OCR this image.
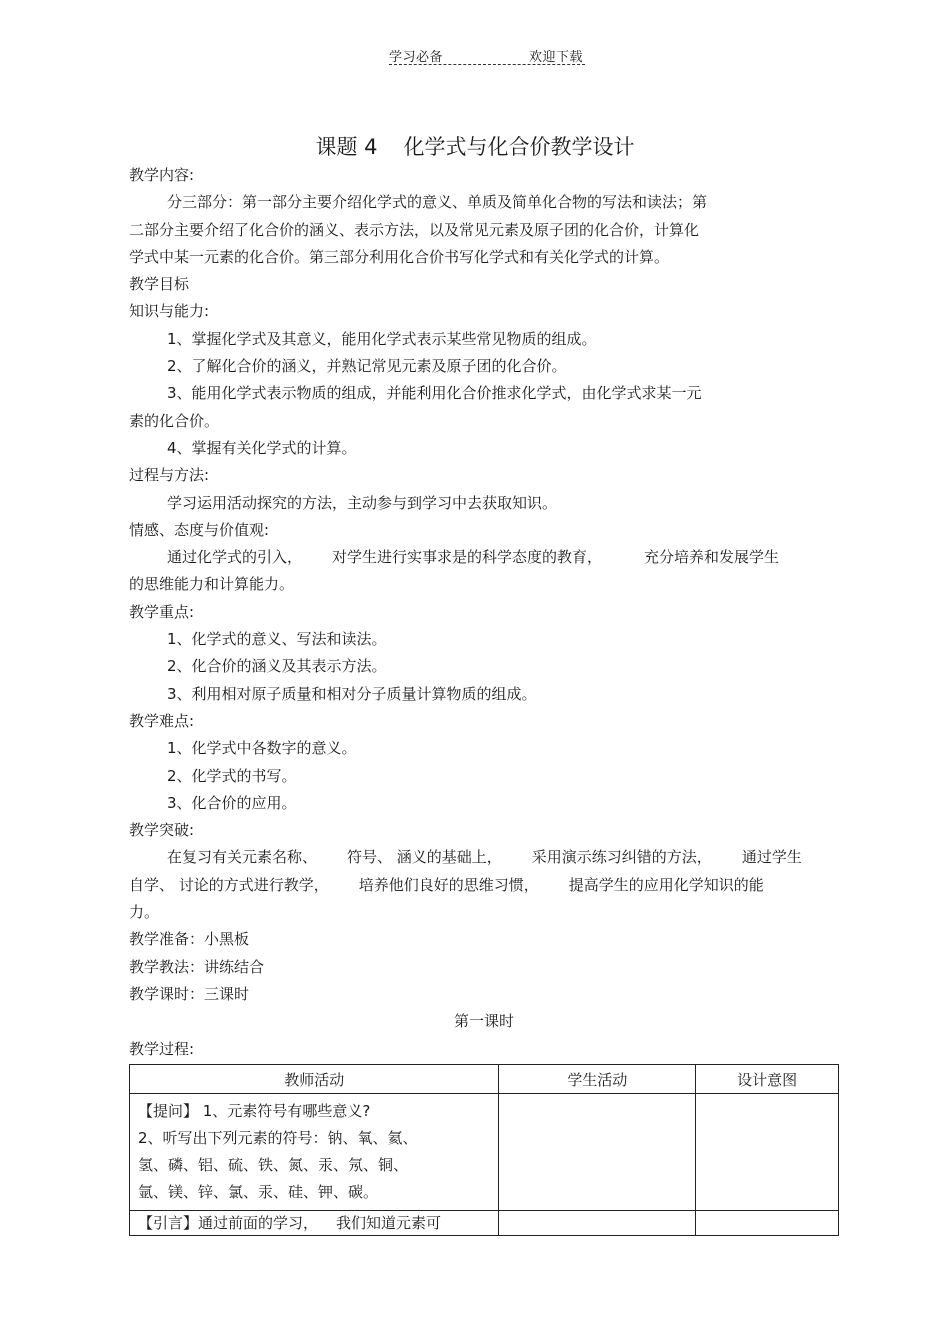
学习必备	欢迎下载
课题 4 化学式与化合价教学设计

教学内容:

分三部分：第一部分主要介绍化学式的意义、单质及简单化合物的写法和读法；第

二部分主要介绍了化合价的涵义、表示方法，以及常见元素及原子团的化合价，计算化

学式中某一元素的化合价。第三部分利用化合价书写化学式和有关化学式的计算。

教学目标

知识与能力:

1、掌握化学式及其意义，能用化学式表示某些常见物质的组成。

2、了解化合价的涵义，并熟记常见元素及原子团的化合价。

3、能用化学式表示物质的组成，并能利用化合价推求化学式，由化学式求某一元

素的化合价。

4、掌握有关化学式的计算。

过程与方法:

学习运用活动探究的方法，主动参与到学习中去获取知识。

情感、态度与价值观:

通过化学式的引入， 对学生进行实事求是的科学态度的教育，	充分培养和发展学生

的思维能力和计算能力。

教学重点:

1、化学式的意义、写法和读法。

2、化合价的涵义及其表示方法。

3、利用相对原子质量和相对分子质量计算物质的组成。

教学难点:

1、化学式中各数字的意义。

2、化学式的书写。

3、化合价的应用。

教学突破:

在复习有关元素名称、 符号、 涵义的基础上， 采用演示练习纠错的方法， 通过学生

自学、 讨论的方式进行教学， 培养他们良好的思维习惯， 提高学生的应用化学知识的能

力。

教学准备：小黑板

教学教法：讲练结合

教学课时：三课时

第一课时

教学过程:

教师活动	学生活动	设计意图

【提问】 1、元素符号有哪些意义?
2、听写出下列元素的符号：钠、氧、氦、
氢、磷、铝、硫、铁、氮、汞、氖、铜、
氩、镁、锌、氯、汞、硅、钾、碳。		

【引言】通过前面的学习， 我们知道元素可		
